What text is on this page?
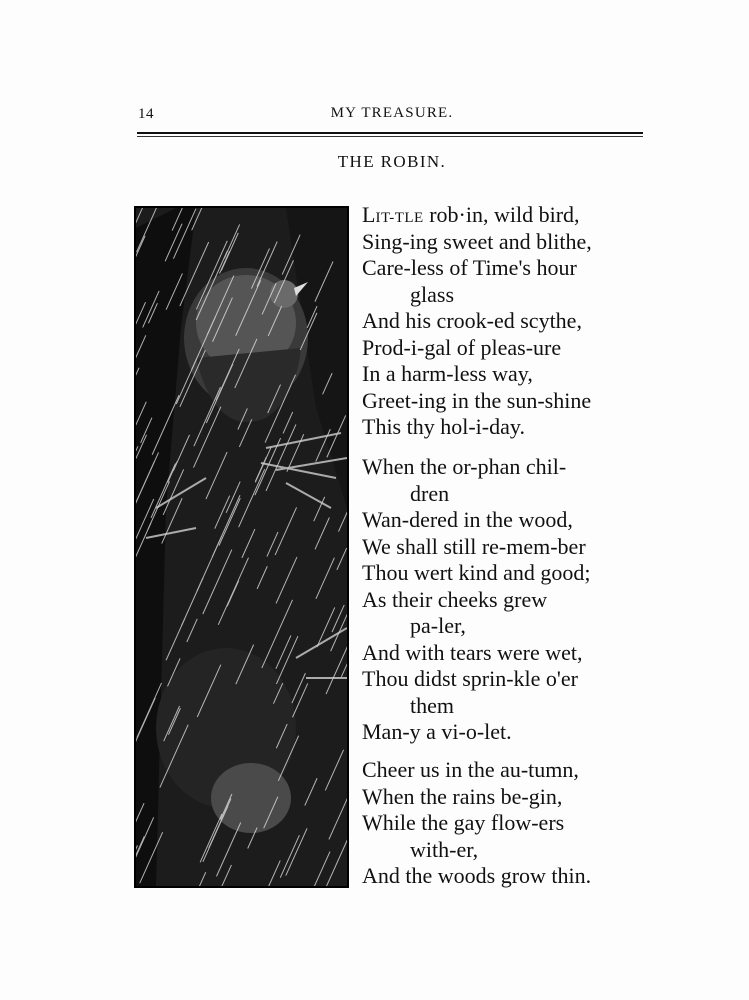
14	MY TREASURE.
THE ROBIN.
LIT-TLE rob·in, wild bird,
Sing-ing sweet and blithe,
Care-less of Time's hour
glass
And his crook-ed scythe,
Prod-i-gal of pleas-ure
In a harm-less way,
Greet-ing in the sun-shine
This thy hol-i-day.
When the or-phan chil-
dren
Wan-dered in the wood,
We shall still re-mem-ber
Thou wert kind and good;
As their cheeks grew
pa-ler,
And with tears were wet,
Thou didst sprin-kle o'er
them
Man-y a vi-o-let.
Cheer us in the au-tumn,
When the rains be-gin,
While the gay flow-ers
with-er,
And the woods grow thin.
